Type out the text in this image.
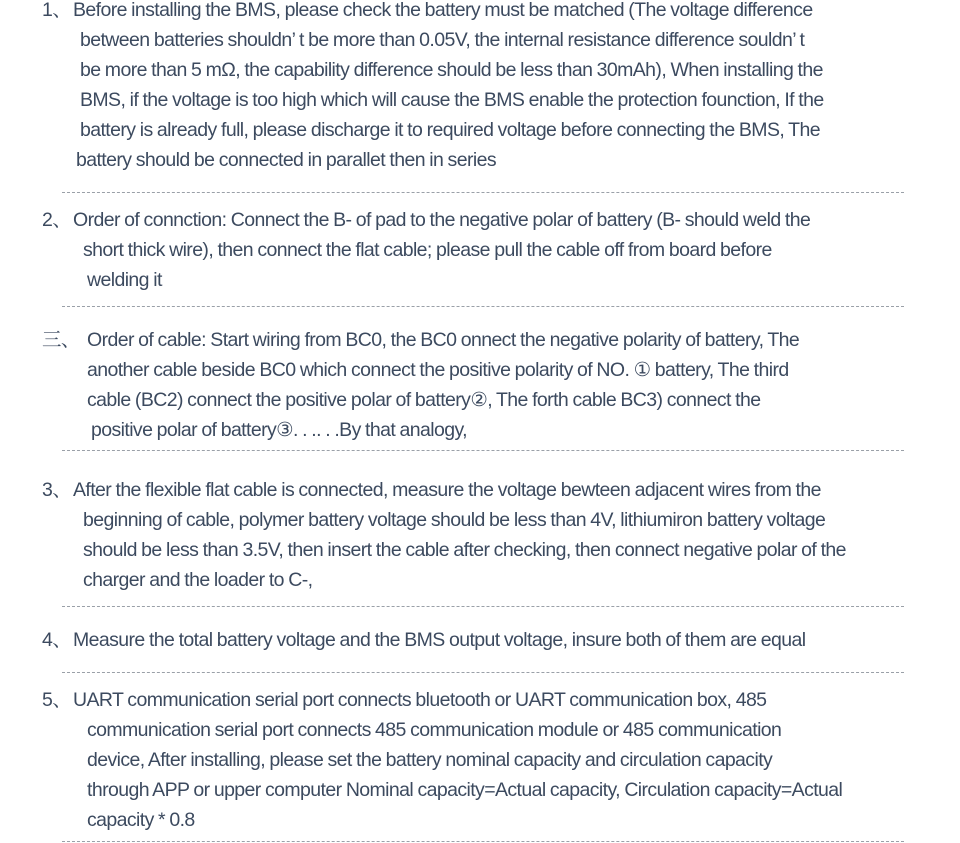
1、Before installing the BMS, please check the battery must be matched (The voltage difference
between batteries shouldn’ t be more than 0.05V, the internal resistance difference souldn’ t
be more than 5 mΩ, the capability difference should be less than 30mAh), When installing the
BMS, if the voltage is too high which will cause the BMS enable the protection founction, If the
battery is already full, please discharge it to required voltage before connecting the BMS, The
battery should be connected in parallet then in series
2、Order of connction: Connect the B- of pad to the negative polar of battery (B- should weld the
short thick wire), then connect the flat cable; please pull the cable off from board before
welding it
三、 Order of cable: Start wiring from BC0, the BC0 onnect the negative polarity of battery, The
another cable beside BC0 which connect the positive polarity of NO. ① battery, The third
cable (BC2) connect the positive polar of battery②, The forth cable BC3) connect the
positive polar of battery③. . .. . .By that analogy,
3、After the flexible flat cable is connected, measure the voltage bewteen adjacent wires from the
beginning of cable, polymer battery voltage should be less than 4V, lithiumiron battery voltage
should be less than 3.5V, then insert the cable after checking, then connect negative polar of the
charger and the loader to C-,
4、Measure the total battery voltage and the BMS output voltage, insure both of them are equal
5、UART communication serial port connects bluetooth or UART communication box, 485
communication serial port connects 485 communication module or 485 communication
device, After installing, please set the battery nominal capacity and circulation capacity
through APP or upper computer Nominal capacity=Actual capacity, Circulation capacity=Actual
capacity * 0.8
